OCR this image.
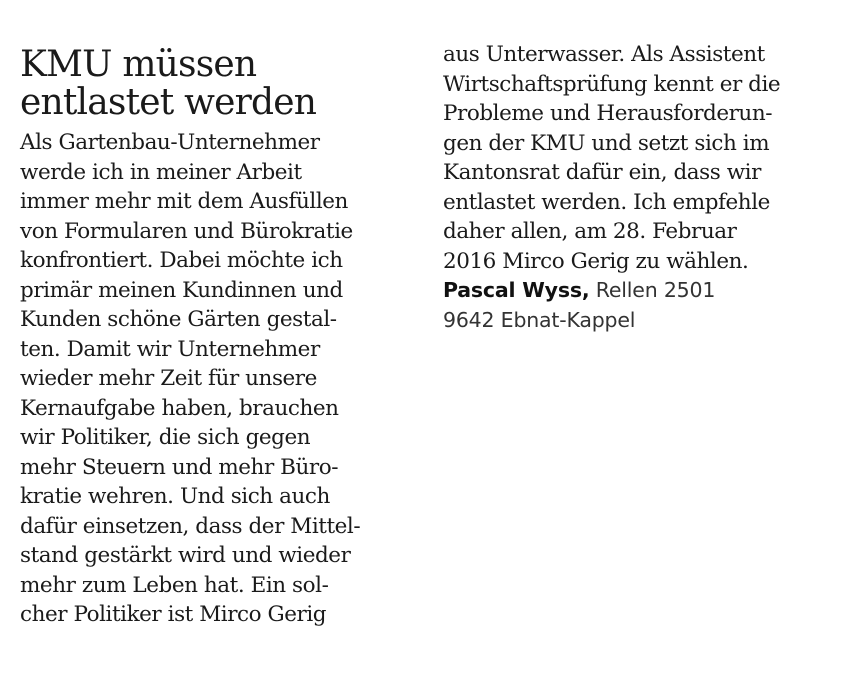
KMU müssen
entlastet werden
Als Gartenbau-Unternehmer
werde ich in meiner Arbeit
immer mehr mit dem Ausfüllen
von Formularen und Bürokratie
konfrontiert. Dabei möchte ich
primär meinen Kundinnen und
Kunden schöne Gärten gestal-
ten. Damit wir Unternehmer
wieder mehr Zeit für unsere
Kernaufgabe haben, brauchen
wir Politiker, die sich gegen
mehr Steuern und mehr Büro-
kratie wehren. Und sich auch
dafür einsetzen, dass der Mittel-
stand gestärkt wird und wieder
mehr zum Leben hat. Ein sol-
cher Politiker ist Mirco Gerig
aus Unterwasser. Als Assistent
Wirtschaftsprüfung kennt er die
Probleme und Herausforderun-
gen der KMU und setzt sich im
Kantonsrat dafür ein, dass wir
entlastet werden. Ich empfehle
daher allen, am 28. Februar
2016 Mirco Gerig zu wählen.
Pascal Wyss, Rellen 2501
9642 Ebnat-Kappel
